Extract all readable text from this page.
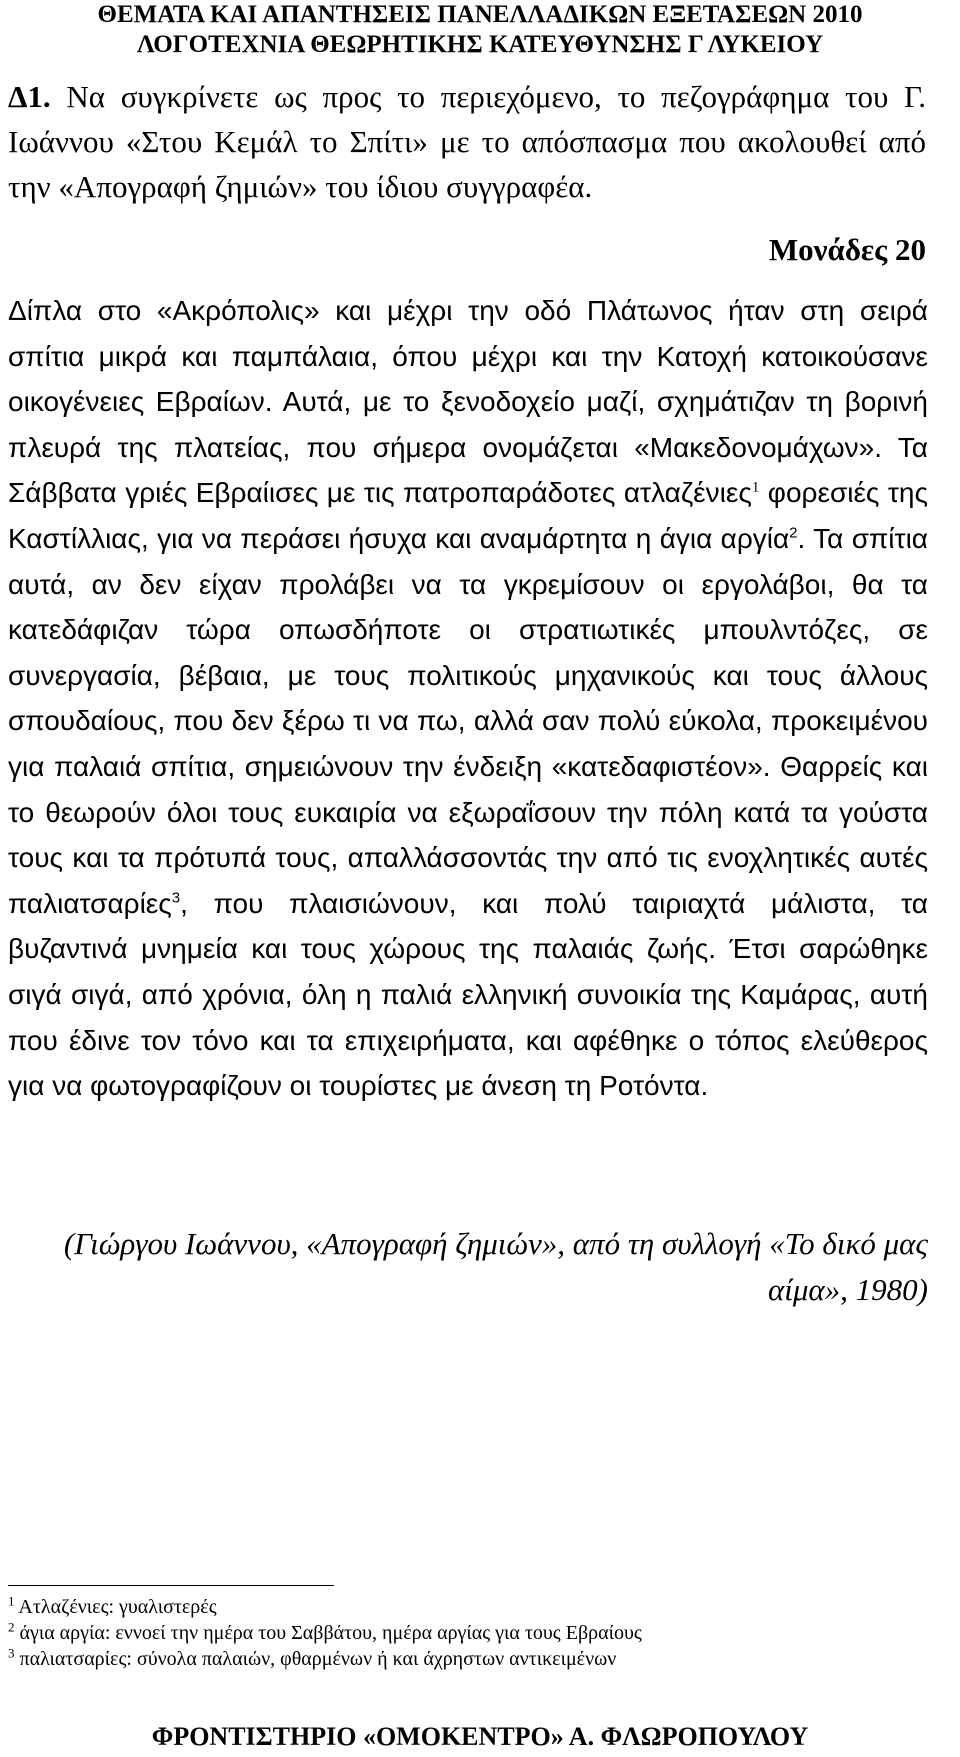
ΘΕΜΑΤΑ ΚΑΙ ΑΠΑΝΤΗΣΕΙΣ ΠΑΝΕΛΛΑΔΙΚΩΝ ΕΞΕΤΑΣΕΩΝ 2010
ΛΟΓΟΤΕΧΝΙΑ ΘΕΩΡΗΤΙΚΗΣ ΚΑΤΕΥΘΥΝΣΗΣ Γ ΛΥΚΕΙΟΥ
Δ1. Να συγκρίνετε ως προς το περιεχόμενο, το πεζογράφημα του Γ. Ιωάννου «Στου Κεμάλ το Σπίτι» με το απόσπασμα που ακολουθεί από την «Απογραφή ζημιών» του ίδιου συγγραφέα.
Μονάδες 20
Δίπλα στο «Ακρόπολις» και μέχρι την οδό Πλάτωνος ήταν στη σειρά σπίτια μικρά και παμπάλαια, όπου μέχρι και την Κατοχή κατοικούσανε οικογένειες Εβραίων. Αυτά, με το ξενοδοχείο μαζί, σχημάτιζαν τη βορινή πλευρά της πλατείας, που σήμερα ονομάζεται «Μακεδονομάχων». Τα Σάββατα γριές Εβραίισες με τις πατροπαράδοτες ατλαζένιες$^1$ φορεσιές της Καστίλλιας, για να περάσει ήσυχα και αναμάρτητα η άγια αργία$^2$. Τα σπίτια αυτά, αν δεν είχαν προλάβει να τα γκρεμίσουν οι εργολάβοι, θα τα κατεδάφιζαν τώρα οπωσδήποτε οι στρατιωτικές μπουλντόζες, σε συνεργασία, βέβαια, με τους πολιτικούς μηχανικούς και τους άλλους σπουδαίους, που δεν ξέρω τι να πω, αλλά σαν πολύ εύκολα, προκειμένου για παλαιά σπίτια, σημειώνουν την ένδειξη «κατεδαφιστέον». Θαρρείς και το θεωρούν όλοι τους ευκαιρία να εξωραΐσουν την πόλη κατά τα γούστα τους και τα πρότυπά τους, απαλλάσσοντάς την από τις ενοχλητικές αυτές παλιατσαρίες$^3$, που πλαισιώνουν, και πολύ ταιριαχτά μάλιστα, τα βυζαντινά μνημεία και τους χώρους της παλαιάς ζωής. Έτσι σαρώθηκε σιγά σιγά, από χρόνια, όλη η παλιά ελληνική συνοικία της Καμάρας, αυτή που έδινε τον τόνο και τα επιχειρήματα, και αφέθηκε ο τόπος ελεύθερος για να φωτογραφίζουν οι τουρίστες με άνεση τη Ροτόντα.
(Γιώργου Ιωάννου, «Απογραφή ζημιών», από τη συλλογή «Το δικό μας αίμα», 1980)
$^1$ Ατλαζένιες: γυαλιστερές
$^2$ άγια αργία: εννοεί την ημέρα του Σαββάτου, ημέρα αργίας για τους Εβραίους
$^3$ παλιατσαρίες: σύνολα παλαιών, φθαρμένων ή και άχρηστων αντικειμένων
ΦΡΟΝΤΙΣΤΗΡΙΟ «ΟΜΟΚΕΝΤΡΟ» Α. ΦΛΩΡΟΠΟΥΛΟΥ
